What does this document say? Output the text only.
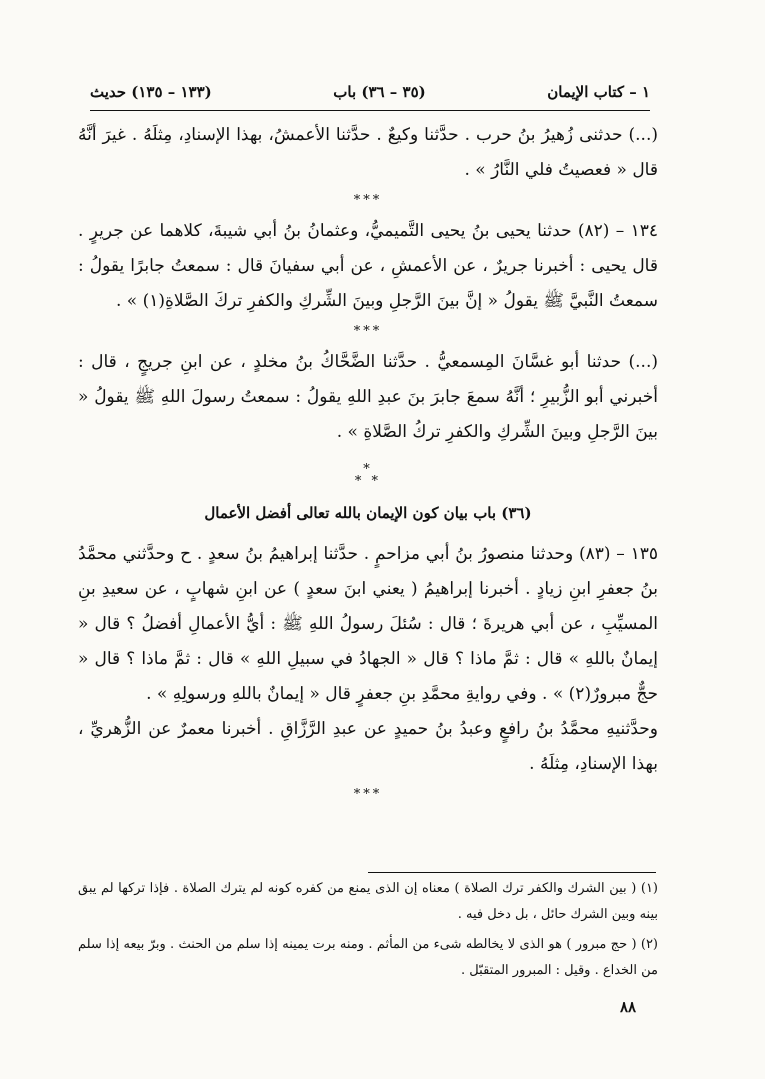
١ – كتاب الإيمان
(٣٥ – ٣٦) باب
(١٣٣ – ١٣٥) حديث

(...) حدثنى زُهيرُ بنُ حرب . حدَّثنا وكيعٌ . حدَّثنا الأعمشُ، بهذا الإسنادِ، مِثلَهُ . غيرَ أنَّهُ قال « فعصيتُ فلي النَّارُ » .

***

١٣٤ – (٨٢) حدثنا يحيى بنُ يحيى التَّميميُّ، وعثمانُ بنُ أبي شيبةَ، كلاهما عن جريرٍ . قال يحيى : أخبرنا جريرٌ ، عن الأعمشِ ، عن أبي سفيانَ قال : سمعتُ جابرًا يقولُ : سمعتُ النَّبيَّ ﷺ يقولُ « إنَّ بينَ الرَّجلِ وبينَ الشِّركِ والكفرِ تركَ الصَّلاةِ(١) » .

***

(...) حدثنا أبو غسَّانَ المِسمعيُّ . حدَّثنا الضَّحَّاكُ بنُ مخلدٍ ، عن ابنِ جريجٍ ، قال : أخبرني أبو الزُّبيرِ ؛ أنَّهُ سمعَ جابرَ بنَ عبدِ اللهِ يقولُ : سمعتُ رسولَ اللهِ ﷺ يقولُ « بينَ الرَّجلِ وبينَ الشِّركِ والكفرِ تركُ الصَّلاةِ » .

*
* *
(٣٦) باب بيان كون الإيمان بالله تعالى أفضل الأعمال

١٣٥ – (٨٣) وحدثنا منصورُ بنُ أبي مزاحمٍ . حدَّثنا إبراهيمُ بنُ سعدٍ . ح وحدَّثني محمَّدُ بنُ جعفرِ ابنِ زيادٍ . أخبرنا إبراهيمُ ( يعني ابنَ سعدٍ ) عن ابنِ شهابٍ ، عن سعيدِ بنِ المسيِّبِ ، عن أبي هريرةَ ؛ قال : سُئلَ رسولُ اللهِ ﷺ : أيُّ الأعمالِ أفضلُ ؟ قال « إيمانٌ باللهِ » قال : ثمَّ ماذا ؟ قال « الجهادُ في سبيلِ اللهِ » قال : ثمَّ ماذا ؟ قال « حجٌّ مبرورٌ(٢) » . وفي روايةِ محمَّدِ بنِ جعفرٍ قال « إيمانٌ باللهِ ورسولِهِ » .

وحدَّثنيهِ محمَّدُ بنُ رافعٍ وعبدُ بنُ حميدٍ عن عبدِ الرَّزَّاقِ . أخبرنا معمرٌ عن الزُّهريِّ ، بهذا الإسنادِ، مِثلَهُ .

***

(١) ( بين الشرك والكفر ترك الصلاة ) معناه إن الذى يمنع من كفره كونه لم يترك الصلاة . فإذا تركها لم يبق بينه وبين الشرك حائل ، بل دخل فيه .

(٢) ( حج مبرور ) هو الذى لا يخالطه شىء من المأثم . ومنه برت يمينه إذا سلم من الحنث . وبرّ بيعه إذا سلم من الخداع . وقيل : المبرور المتقبّل .

٨٨
